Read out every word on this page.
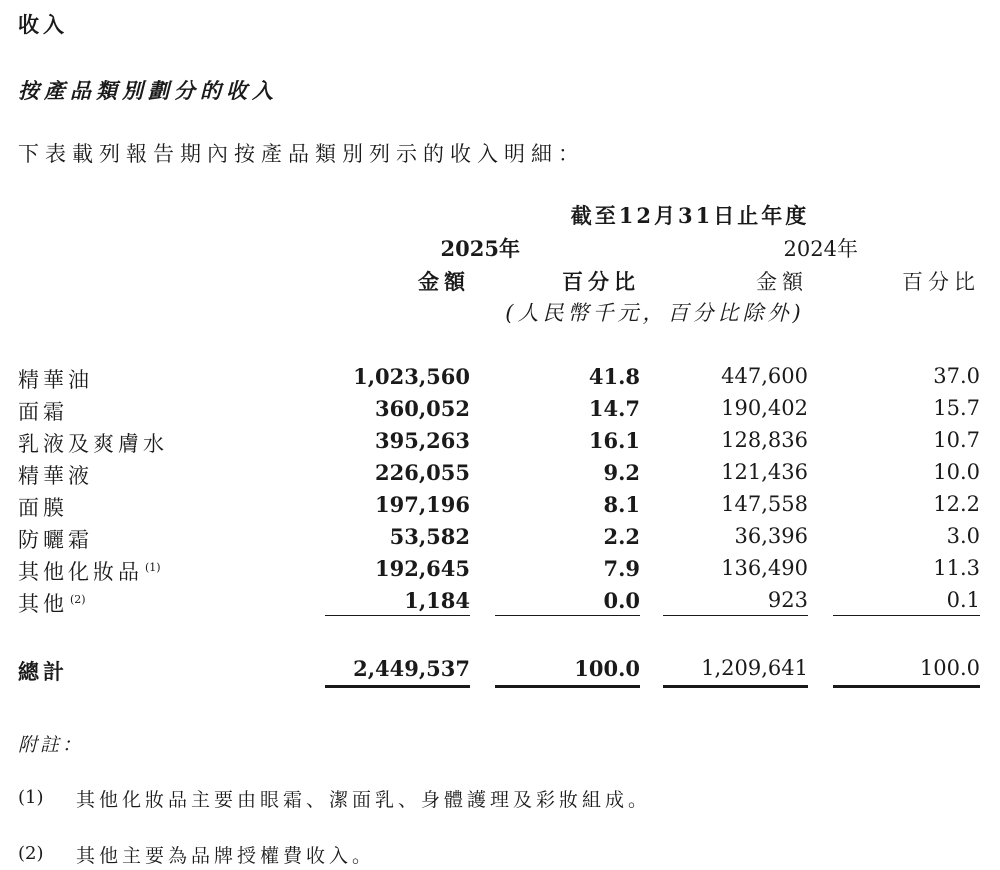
收入
按產品類別劃分的收入
下表載列報告期內按產品類別列示的收入明細：
截至12月31日止年度
2025年	2024年
金額	百分比	金額	百分比
(人民幣千元，百分比除外)
精華油	1,023,560	41.8	447,600	37.0
面霜	360,052	14.7	190,402	15.7
乳液及爽膚水	395,263	16.1	128,836	10.7
精華液	226,055	9.2	121,436	10.0
面膜	197,196	8.1	147,558	12.2
防曬霜	53,582	2.2	36,396	3.0
其他化妝品 $^{(1)}$	192,645	7.9	136,490	11.3
其他 $^{(2)}$	1,184	0.0	923	0.1
總計	2,449,537	100.0	1,209,641	100.0
附註：
(1) 其他化妝品主要由眼霜、潔面乳、身體護理及彩妝組成。
(2) 其他主要為品牌授權費收入。
